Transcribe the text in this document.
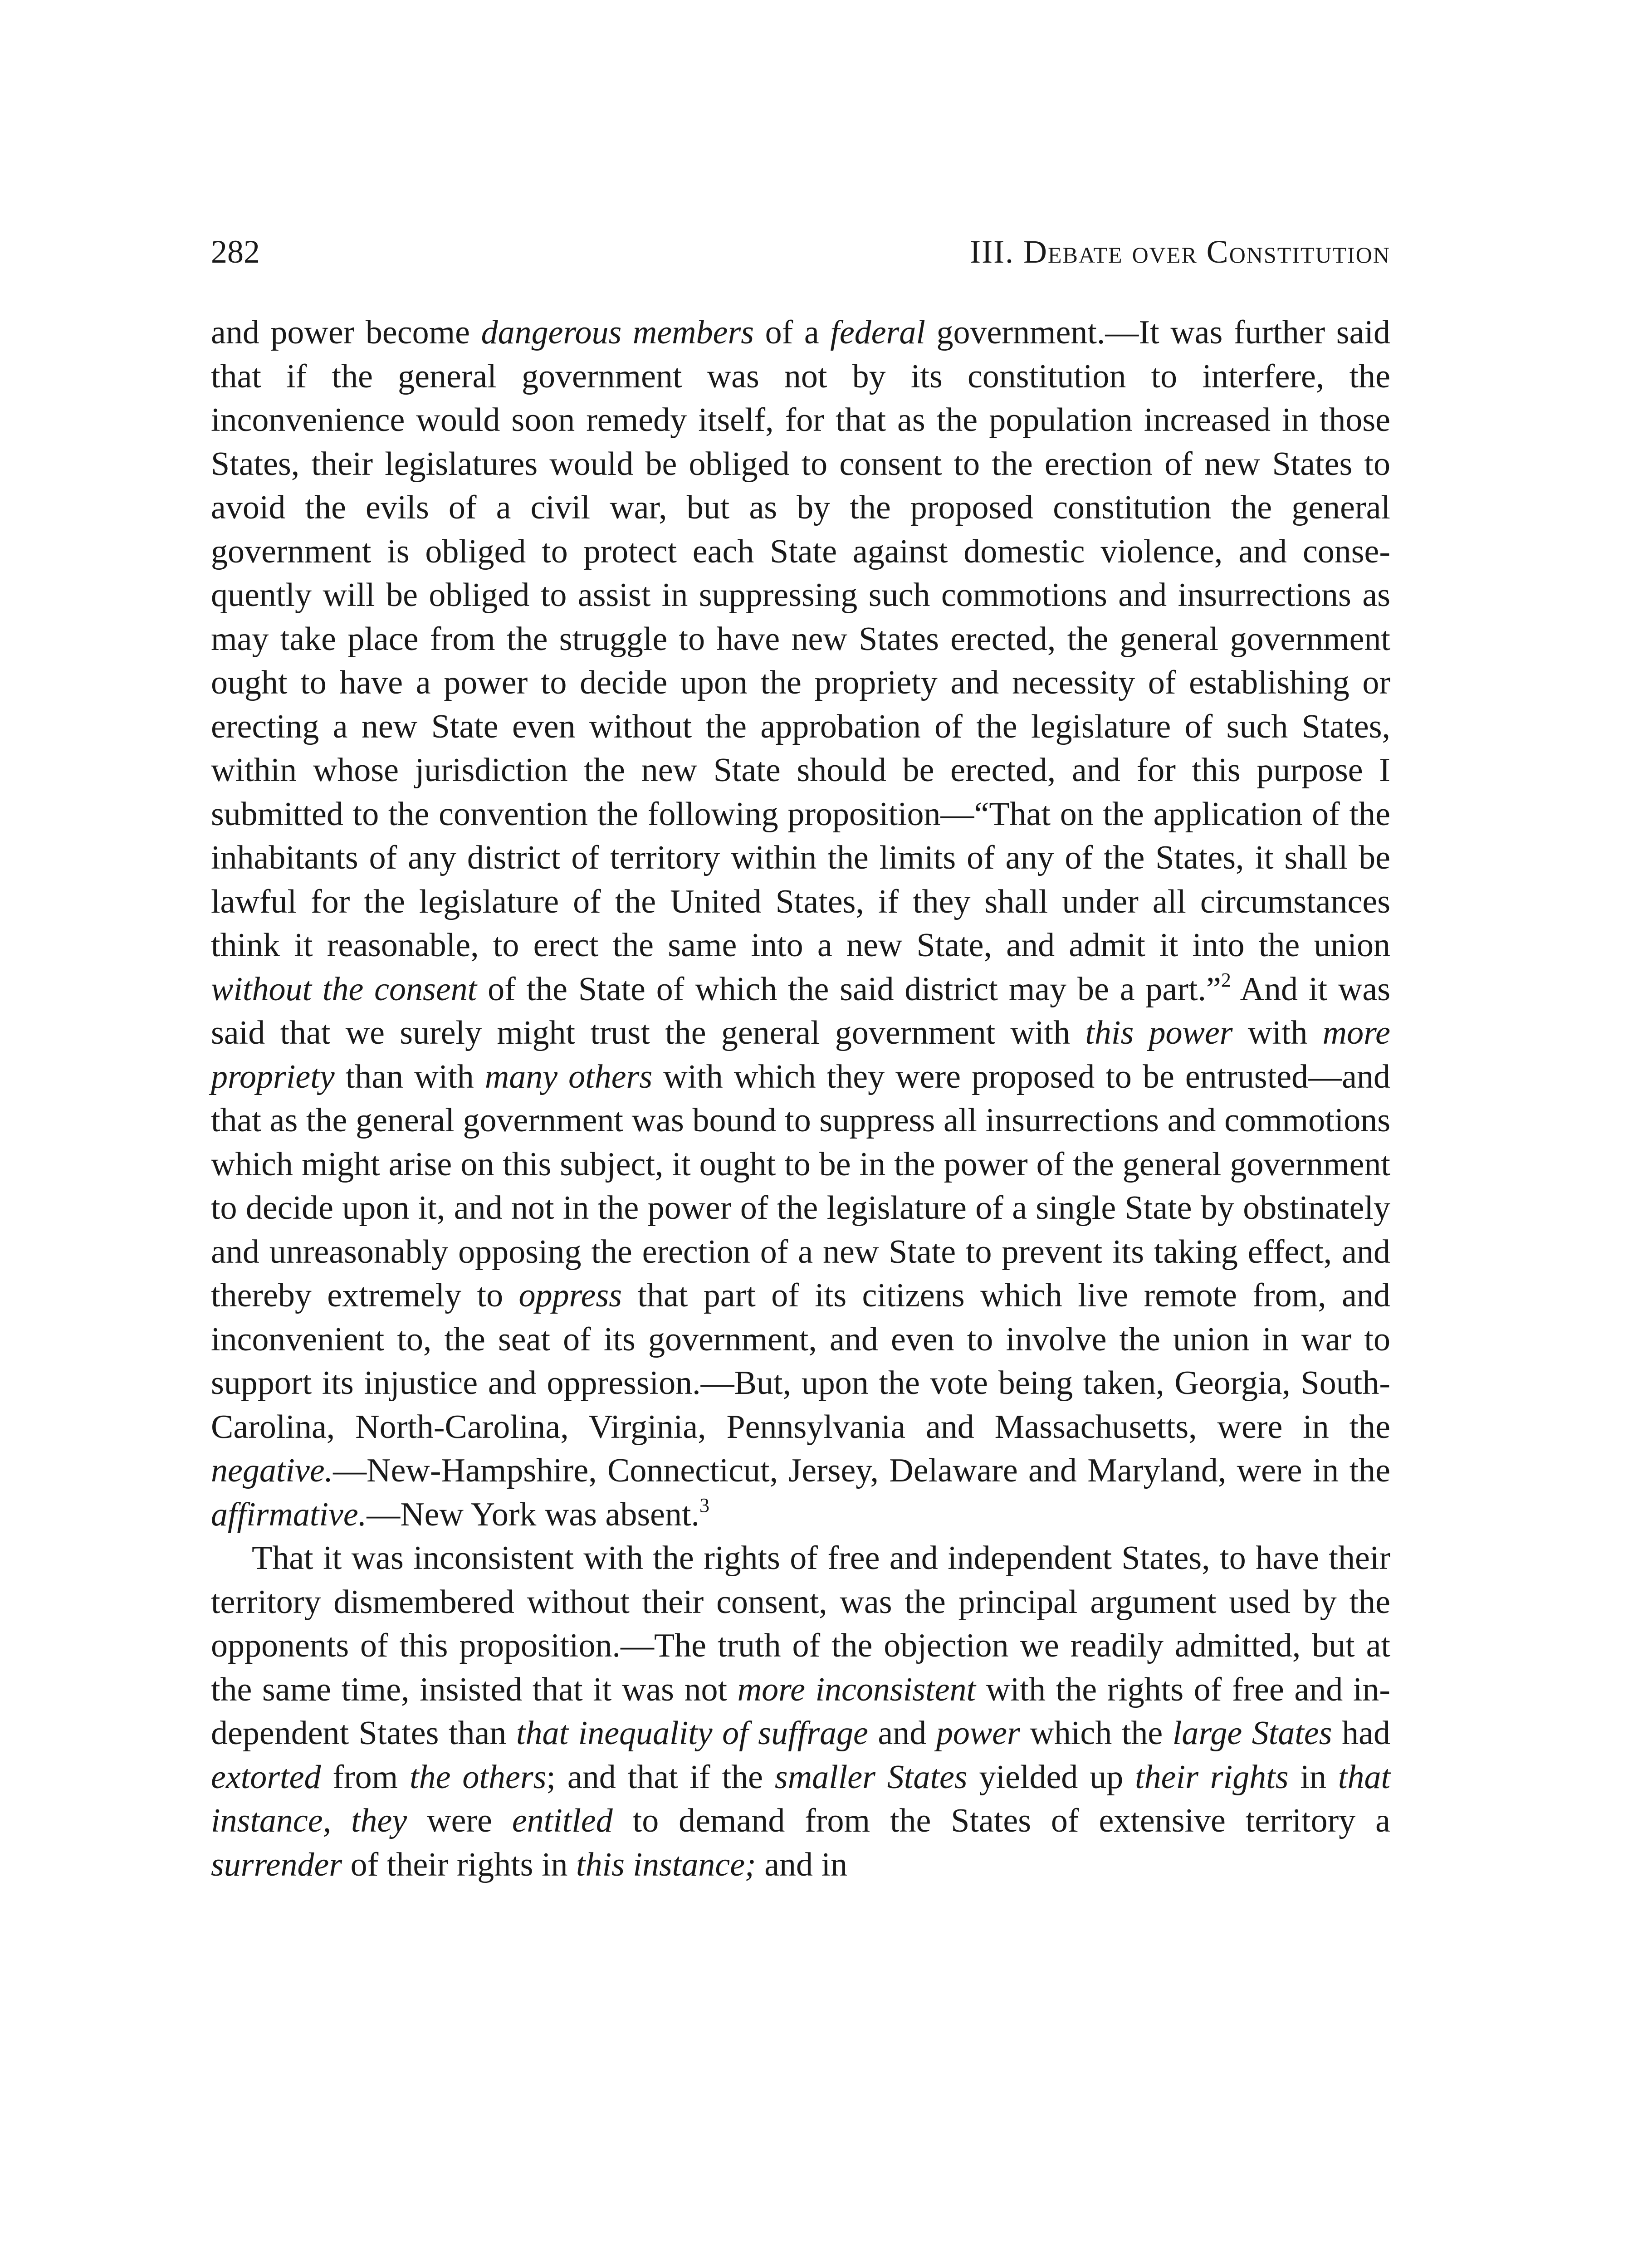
282	III. Debate over Constitution

and power become dangerous members of a federal government.—It was further said that if the general government was not by its constitution to interfere, the inconvenience would soon remedy itself, for that as the population increased in those States, their legislatures would be obliged to consent to the erection of new States to avoid the evils of a civil war, but as by the proposed constitution the general government is obliged to protect each State against domestic violence, and consequently will be obliged to assist in suppressing such commotions and insurrections as may take place from the struggle to have new States erected, the general government ought to have a power to decide upon the propriety and necessity of establishing or erecting a new State even without the approbation of the legislature of such States, within whose jurisdiction the new State should be erected, and for this purpose I submitted to the convention the following proposition—“That on the application of the inhabitants of any district of territory within the limits of any of the States, it shall be lawful for the legislature of the United States, if they shall under all circumstances think it reasonable, to erect the same into a new State, and admit it into the union without the consent of the State of which the said district may be a part.”$^2$ And it was said that we surely might trust the general government with this power with more propriety than with many others with which they were proposed to be entrusted—and that as the general government was bound to suppress all insurrections and commotions which might arise on this subject, it ought to be in the power of the general government to decide upon it, and not in the power of the legislature of a single State by obstinately and unreasonably opposing the erection of a new State to prevent its taking effect, and thereby extremely to oppress that part of its citizens which live remote from, and inconvenient to, the seat of its government, and even to involve the union in war to support its injustice and oppression.—But, upon the vote being taken, Georgia, South-Carolina, North-Carolina, Virginia, Pennsylvania and Massachusetts, were in the negative.—New-Hampshire, Connecticut, Jersey, Delaware and Maryland, were in the affirmative.—New York was absent.$^3$

That it was inconsistent with the rights of free and independent States, to have their territory dismembered without their consent, was the principal argument used by the opponents of this proposition.—The truth of the objection we readily admitted, but at the same time, insisted that it was not more inconsistent with the rights of free and independent States than that inequality of suffrage and power which the large States had extorted from the others; and that if the smaller States yielded up their rights in that instance, they were entitled to demand from the States of extensive territory a surrender of their rights in this instance; and in
